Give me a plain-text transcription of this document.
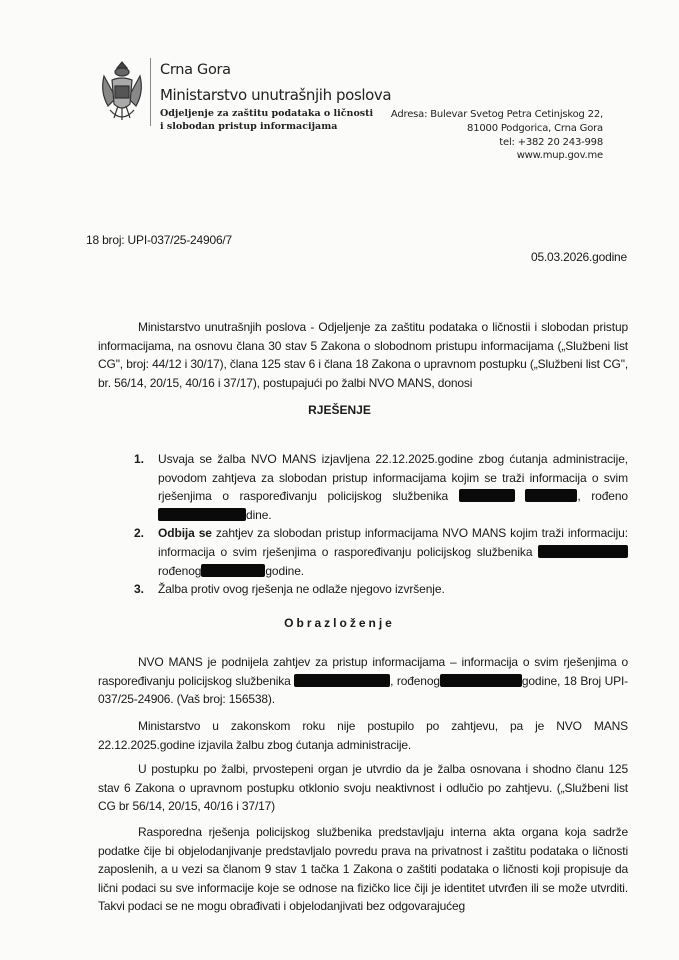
Crna Gora
Ministarstvo unutrašnjih poslova
Odjeljenje za zaštitu podataka o ličnosti
i slobodan pristup informacijama
Adresa: Bulevar Svetog Petra Cetinjskog 22,
81000 Podgorica, Crna Gora
tel: +382 20 243-998
www.mup.gov.me
18 broj: UPI-037/25-24906/7
05.03.2026.godine
Ministarstvo unutrašnjih poslova - Odjeljenje za zaštitu podataka o ličnostii i slobodan pristup informacijama, na osnovu člana 30 stav 5 Zakona o slobodnom pristupu informacijama („Službeni list CG", broj: 44/12 i 30/17), člana 125 stav 6 i člana 18 Zakona o upravnom postupku („Službeni list CG", br. 56/14, 20/15, 40/16 i 37/17), postupajući po žalbi NVO MANS, donosi
RJEŠENJE
1. Usvaja se žalba NVO MANS izjavljena 22.12.2025.godine zbog ćutanja administracije, povodom zahtjeva za slobodan pristup informacijama kojim se traži informacija o svim rješenjima o raspoređivanju policijskog službenika	, rođenodine.
2. Odbija se zahtjev za slobodan pristup informacijama NVO MANS kojim traži informaciju: informacija o svim rješenjima o raspoređivanju policijskog službenika  rođenog	godine.
3. Žalba protiv ovog rješenja ne odlaže njegovo izvršenje.
Obrazloženje
NVO MANS je podnijela zahtjev za pristup informacijama – informacija o svim rješenjima o raspoređivanju policijskog službenika	, rođenog	godine, 18 Broj UPI-037/25-24906. (Vaš broj: 156538).
Ministarstvo u zakonskom roku nije postupilo po zahtjevu, pa je NVO MANS 22.12.2025.godine izjavila žalbu zbog ćutanja administracije.
U postupku po žalbi, prvostepeni organ je utvrdio da je žalba osnovana i shodno članu 125 stav 6 Zakona o upravnom postupku otklonio svoju neaktivnost i odlučio po zahtjevu. („Službeni list CG br 56/14, 20/15, 40/16 i 37/17)
Rasporedna rješenja policijskog službenika predstavljaju interna akta organa koja sadrže podatke čije bi objelodanjivanje predstavljalo povredu prava na privatnost i zaštitu podataka o ličnosti zaposlenih, a u vezi sa članom 9 stav 1 tačka 1 Zakona o zaštiti podataka o ličnosti koji propisuje da lični podaci su sve informacije koje se odnose na fizičko lice čiji je identitet utvrđen ili se može utvrditi. Takvi podaci se ne mogu obrađivati i objelodanjivati bez odgovarajućeg
